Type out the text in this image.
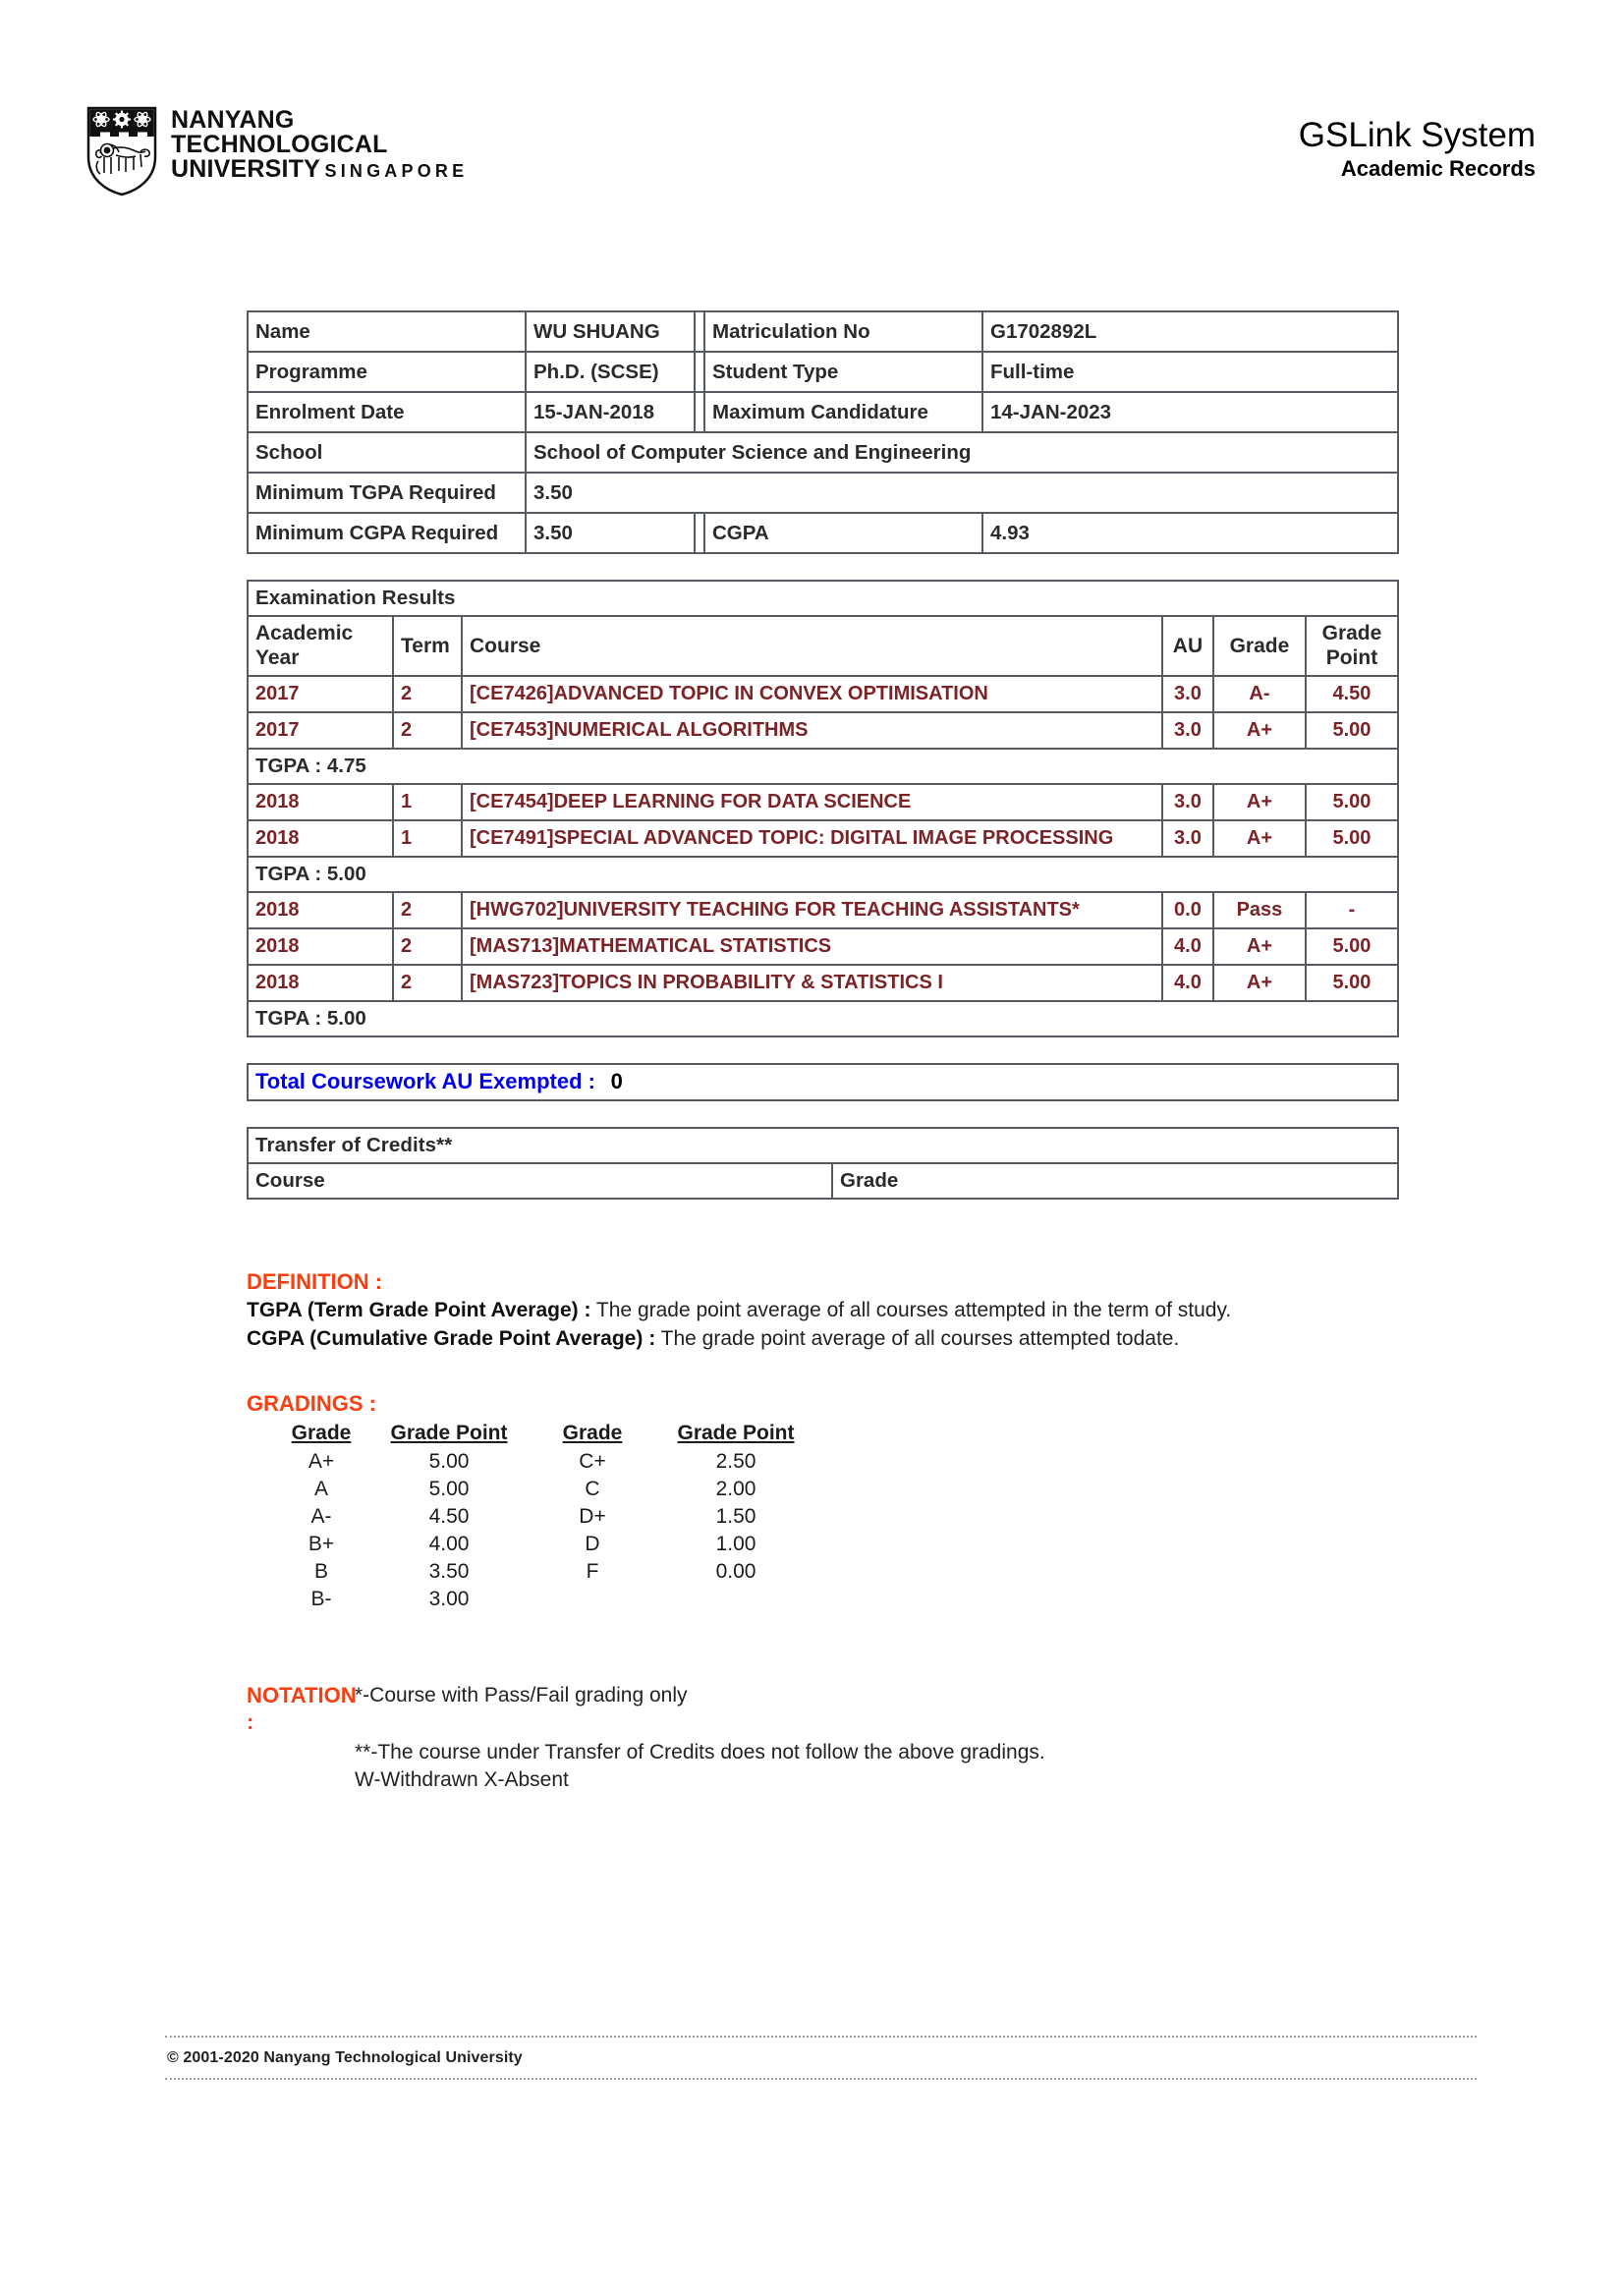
NANYANG
TECHNOLOGICAL
UNIVERSITY SINGAPORE
GSLink System
Academic Records
Name	WU SHUANG		Matriculation No	G1702892L
Programme	Ph.D. (SCSE)		Student Type	Full-time
Enrolment Date	15-JAN-2018		Maximum Candidature	14-JAN-2023
School	School of Computer Science and Engineering			
Minimum TGPA Required	3.50			
Minimum CGPA Required	3.50		CGPA	4.93
Examination Results					
Academic Year	Term	Course	AU	Grade	Grade Point
2017	2	[CE7426]ADVANCED TOPIC IN CONVEX OPTIMISATION	3.0	A-	4.50
2017	2	[CE7453]NUMERICAL ALGORITHMS	3.0	A+	5.00
TGPA : 4.75					
2018	1	[CE7454]DEEP LEARNING FOR DATA SCIENCE	3.0	A+	5.00
2018	1	[CE7491]SPECIAL ADVANCED TOPIC: DIGITAL IMAGE PROCESSING	3.0	A+	5.00
TGPA : 5.00					
2018	2	[HWG702]UNIVERSITY TEACHING FOR TEACHING ASSISTANTS*	0.0	Pass	-
2018	2	[MAS713]MATHEMATICAL STATISTICS	4.0	A+	5.00
2018	2	[MAS723]TOPICS IN PROBABILITY & STATISTICS I	4.0	A+	5.00
TGPA : 5.00					
Total Coursework AU Exempted : 0
Transfer of Credits**
Course	Grade
DEFINITION :
TGPA (Term Grade Point Average) : The grade point average of all courses attempted in the term of study.
CGPA (Cumulative Grade Point Average) : The grade point average of all courses attempted todate.
GRADINGS :
Grade	Grade Point	Grade	Grade Point
A+	5.00	C+	2.50
A	5.00	C	2.00
A-	4.50	D+	1.50
B+	4.00	D	1.00
B	3.50	F	0.00
B-	3.00		
NOTATION :
*-Course with Pass/Fail grading only
**-The course under Transfer of Credits does not follow the above gradings.
W-Withdrawn X-Absent
© 2001-2020 Nanyang Technological University
